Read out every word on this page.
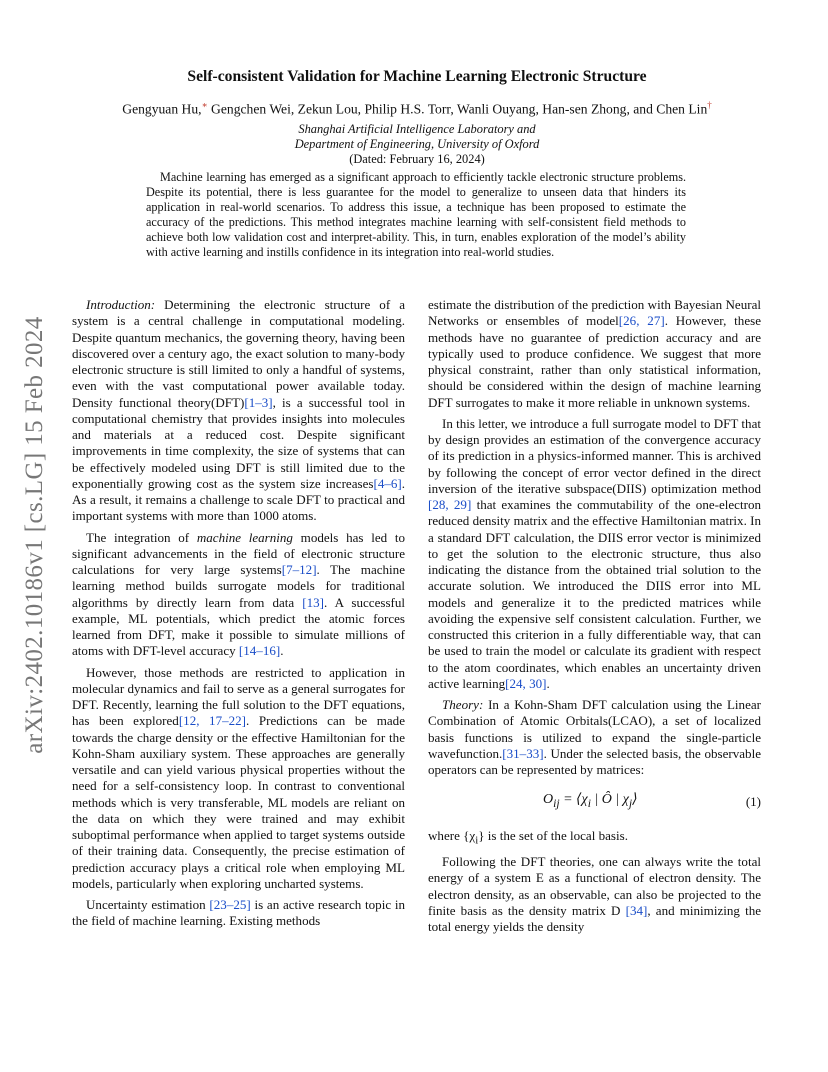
arXiv:2402.10186v1 [cs.LG] 15 Feb 2024
Self-consistent Validation for Machine Learning Electronic Structure
Gengyuan Hu,∗ Gengchen Wei, Zekun Lou, Philip H.S. Torr, Wanli Ouyang, Han-sen Zhong, and Chen Lin†
Shanghai Artificial Intelligence Laboratory and
Department of Engineering, University of Oxford
(Dated: February 16, 2024)
Machine learning has emerged as a significant approach to efficiently tackle electronic structure problems. Despite its potential, there is less guarantee for the model to generalize to unseen data that hinders its application in real-world scenarios. To address this issue, a technique has been proposed to estimate the accuracy of the predictions. This method integrates machine learning with self-consistent field methods to achieve both low validation cost and interpret-ability. This, in turn, enables exploration of the model’s ability with active learning and instills confidence in its integration into real-world studies.

Introduction: Determining the electronic structure of a system is a central challenge in computational modeling. Despite quantum mechanics, the governing theory, having been discovered over a century ago, the exact solution to many-body electronic structure is still limited to only a handful of systems, even with the vast computational power available today. Density functional theory(DFT)[1–3], is a successful tool in computational chemistry that provides insights into molecules and materials at a reduced cost. Despite significant improvements in time complexity, the size of systems that can be effectively modeled using DFT is still limited due to the exponentially growing cost as the system size increases[4–6]. As a result, it remains a challenge to scale DFT to practical and important systems with more than 1000 atoms.

The integration of machine learning models has led to significant advancements in the field of electronic structure calculations for very large systems[7–12]. The machine learning method builds surrogate models for traditional algorithms by directly learn from data [13]. A successful example, ML potentials, which predict the atomic forces learned from DFT, make it possible to simulate millions of atoms with DFT-level accuracy [14–16].

However, those methods are restricted to application in molecular dynamics and fail to serve as a general surrogates for DFT. Recently, learning the full solution to the DFT equations, has been explored[12, 17–22]. Predictions can be made towards the charge density or the effective Hamiltonian for the Kohn-Sham auxiliary system. These approaches are generally versatile and can yield various physical properties without the need for a self-consistency loop. In contrast to conventional methods which is very transferable, ML models are reliant on the data on which they were trained and may exhibit suboptimal performance when applied to target systems outside of their training data. Consequently, the precise estimation of prediction accuracy plays a critical role when employing ML models, particularly when exploring uncharted systems.

Uncertainty estimation [23–25] is an active research topic in the field of machine learning. Existing methods

estimate the distribution of the prediction with Bayesian Neural Networks or ensembles of model[26, 27]. However, these methods have no guarantee of prediction accuracy and are typically used to produce confidence. We suggest that more physical constraint, rather than only statistical information, should be considered within the design of machine learning DFT surrogates to make it more reliable in unknown systems.

In this letter, we introduce a full surrogate model to DFT that by design provides an estimation of the convergence accuracy of its prediction in a physics-informed manner. This is archived by following the concept of error vector defined in the direct inversion of the iterative subspace(DIIS) optimization method [28, 29] that examines the commutability of the one-electron reduced density matrix and the effective Hamiltonian matrix. In a standard DFT calculation, the DIIS error vector is minimized to get the solution to the electronic structure, thus also indicating the distance from the obtained trial solution to the accurate solution. We introduced the DIIS error into ML models and generalize it to the predicted matrices while avoiding the expensive self consistent calculation. Further, we constructed this criterion in a fully differentiable way, that can be used to train the model or calculate its gradient with respect to the atom coordinates, which enables an uncertainty driven active learning[24, 30].

Theory: In a Kohn-Sham DFT calculation using the Linear Combination of Atomic Orbitals(LCAO), a set of localized basis functions is utilized to expand the single-particle wavefunction.[31–33]. Under the selected basis, the observable operators can be represented by matrices:

$O_{ij}$ = $⟨\chi_i$ | Ô | $\chi_j⟩$	(1)

where $\{\chi_i\}$ is the set of the local basis.

Following the DFT theories, one can always write the total energy of a system E as a functional of electron density. The electron density, as an observable, can also be projected to the finite basis as the density matrix D [34], and minimizing the total energy yields the density
